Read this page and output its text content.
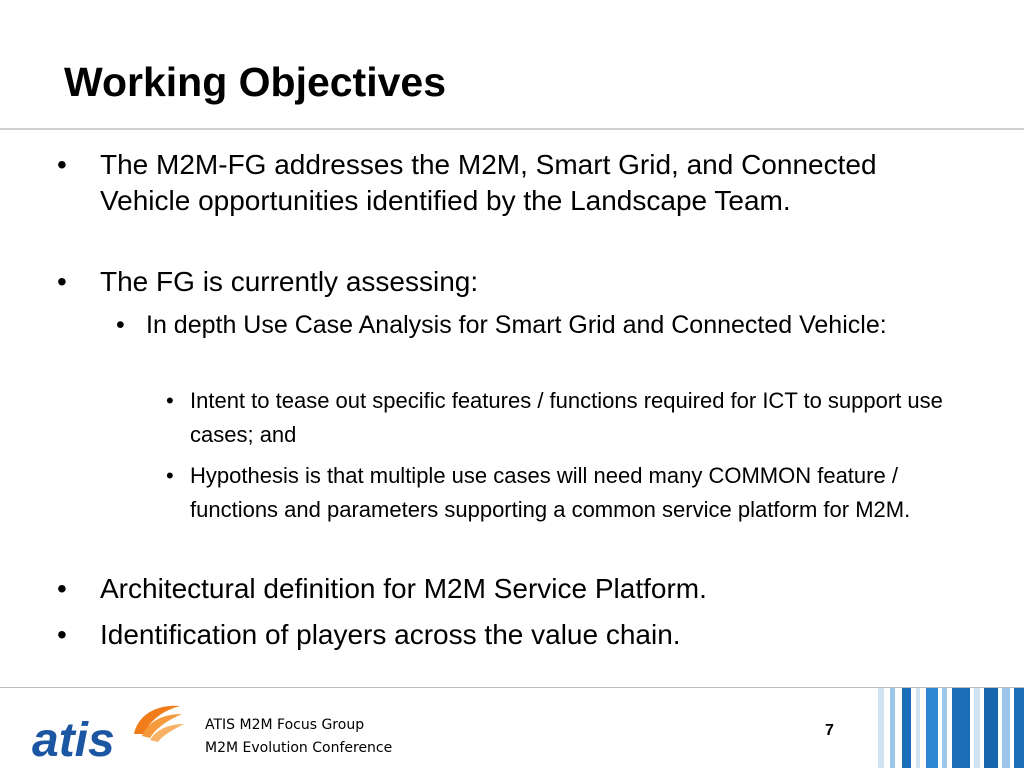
Working Objectives
• The M2M-FG addresses the M2M, Smart Grid, and Connected Vehicle opportunities identified by the Landscape Team.
• The FG is currently assessing:
• In depth Use Case Analysis for Smart Grid and Connected Vehicle:
• Intent to tease out specific features / functions required for ICT to support use cases; and
• Hypothesis is that multiple use cases will need many COMMON feature / functions and parameters supporting a common service platform for M2M.
• Architectural definition for M2M Service Platform.
• Identification of players across the value chain.
atis	ATIS M2M Focus Group
M2M Evolution Conference
7
